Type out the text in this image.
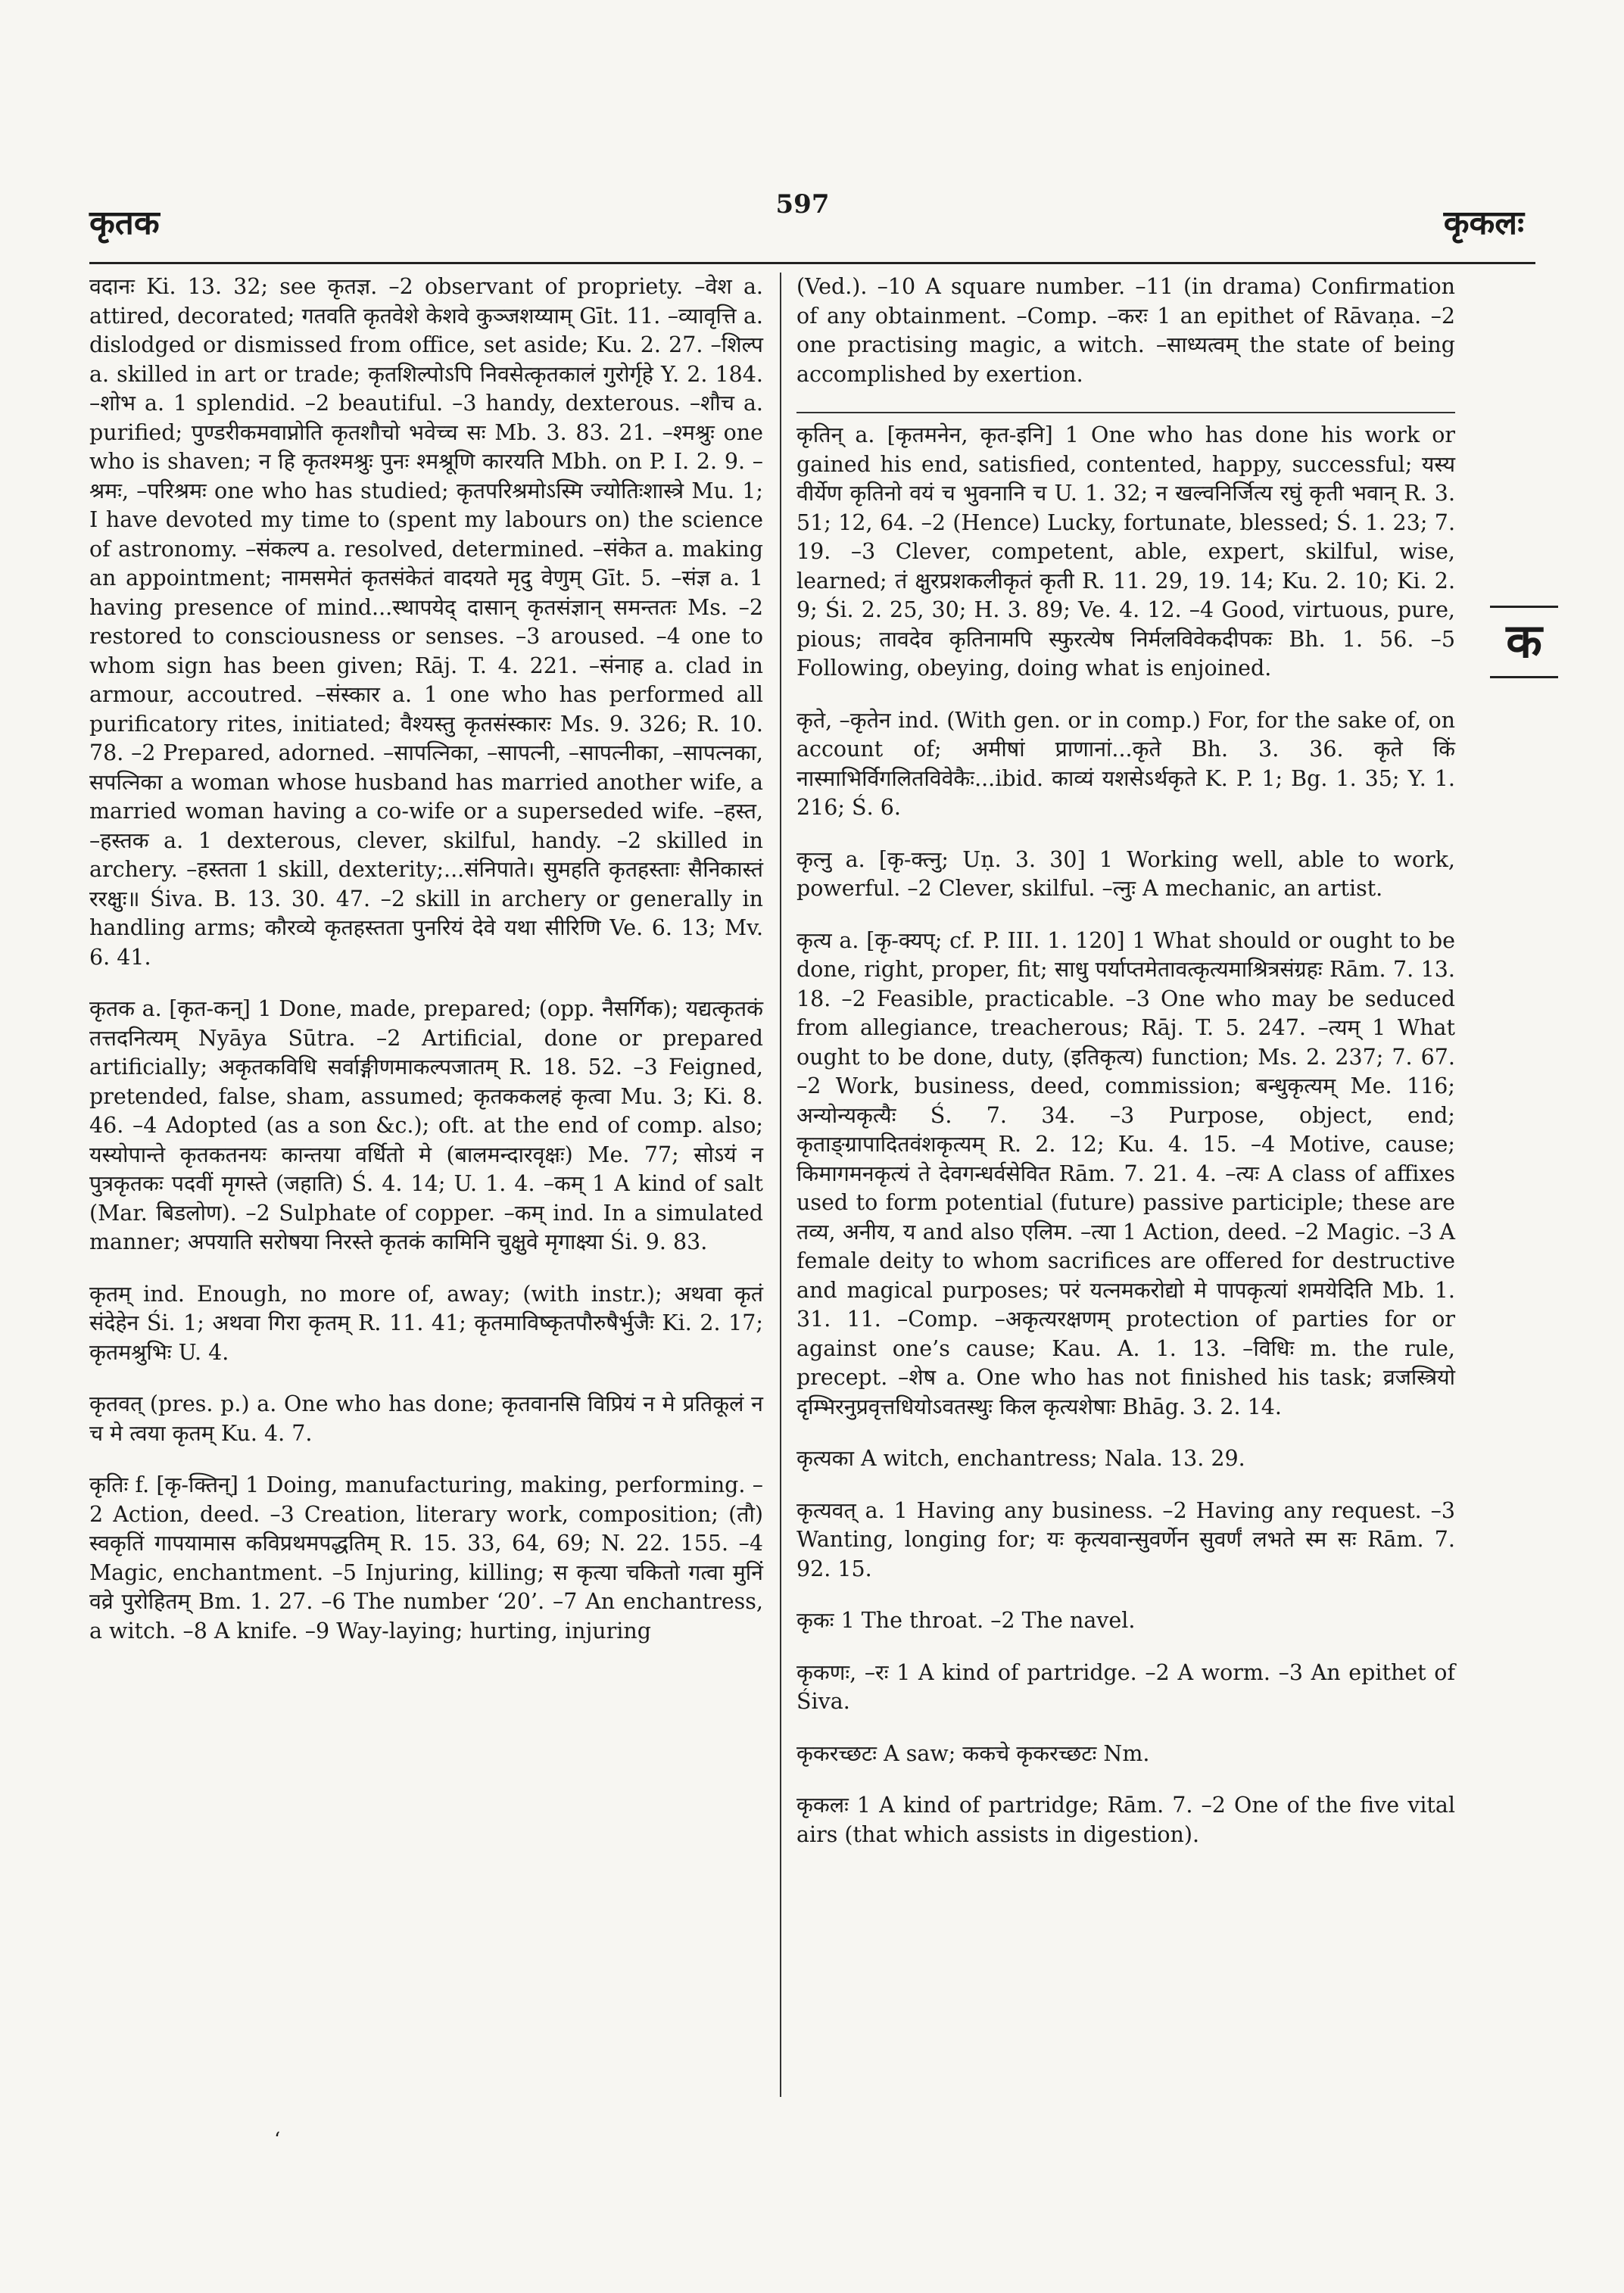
कृतक	597	कृकलः

वदानः Ki. 13. 32; see कृतज्ञ. –2 observant of propriety. –वेश a. attired, decorated; गतवति कृतवेशे केशवे कुञ्जशय्याम् Gīt. 11. –व्यावृत्ति a. dislodged or dismissed from office, set aside; Ku. 2. 27. –शिल्प a. skilled in art or trade; कृतशिल्पोऽपि निवसेत्कृतकालं गुरोर्गृहे Y. 2. 184. –शोभ a. 1 splendid. –2 beautiful. –3 handy, dexterous. –शौच a. purified; पुण्डरीकमवाप्नोति कृतशौचो भवेच्च सः Mb. 3. 83. 21. –श्मश्रुः one who is shaven; न हि कृतश्मश्रुः पुनः श्मश्रूणि कारयति Mbh. on P. I. 2. 9. –श्रमः, –परिश्रमः one who has studied; कृतपरिश्रमोऽस्मि ज्योतिःशास्त्रे Mu. 1; I have devoted my time to (spent my labours on) the science of astronomy. –संकल्प a. resolved, determined. –संकेत a. making an appointment; नामसमेतं कृतसंकेतं वादयते मृदु वेणुम् Gīt. 5. –संज्ञ a. 1 having presence of mind...स्थापयेद् दासान् कृतसंज्ञान् समन्ततः Ms. –2 restored to consciousness or senses. –3 aroused. –4 one to whom sign has been given; Rāj. T. 4. 221. –संनाह a. clad in armour, accoutred. –संस्कार a. 1 one who has performed all purificatory rites, initiated; वैश्यस्तु कृतसंस्कारः Ms. 9. 326; R. 10. 78. –2 Prepared, adorned. –सापत्निका, –सापत्नी, –सापत्नीका, –सापत्नका, सपत्निका a woman whose husband has married another wife, a married woman having a co-wife or a superseded wife. –हस्त, –हस्तक a. 1 dexterous, clever, skilful, handy. –2 skilled in archery. –हस्तता 1 skill, dexterity;...संनिपाते। सुमहति कृतहस्ताः सैनिकास्तं ररक्षुः॥ Śiva. B. 13. 30. 47. –2 skill in archery or generally in handling arms; कौरव्ये कृतहस्तता पुनरियं देवे यथा सीरिणि Ve. 6. 13; Mv. 6. 41.

कृतक a. [कृत-कन्] 1 Done, made, prepared; (opp. नैसर्गिक); यद्यत्कृतकं तत्तदनित्यम् Nyāya Sūtra. –2 Artificial, done or prepared artificially; अकृतकविधि सर्वाङ्गीणमाकल्पजातम् R. 18. 52. –3 Feigned, pretended, false, sham, assumed; कृतककलहं कृत्वा Mu. 3; Ki. 8. 46. –4 Adopted (as a son &c.); oft. at the end of comp. also; यस्योपान्ते कृतकतनयः कान्तया वर्धितो मे (बालमन्दारवृक्षः) Me. 77; सोऽयं न पुत्रकृतकः पदवीं मृगस्ते (जहाति) Ś. 4. 14; U. 1. 4. –कम् 1 A kind of salt (Mar. बिडलोण). –2 Sulphate of copper. –कम् ind. In a simulated manner; अपयाति सरोषया निरस्ते कृतकं कामिनि चुक्षुवे मृगाक्ष्या Śi. 9. 83.

कृतम् ind. Enough, no more of, away; (with instr.); अथवा कृतं संदेहेन Śi. 1; अथवा गिरा कृतम् R. 11. 41; कृतमाविष्कृतपौरुषैर्भुजैः Ki. 2. 17; कृतमश्रुभिः U. 4.

कृतवत् (pres. p.) a. One who has done; कृतवानसि विप्रियं न मे प्रतिकूलं न च मे त्वया कृतम् Ku. 4. 7.

कृतिः f. [कृ-क्तिन्] 1 Doing, manufacturing, making, performing. –2 Action, deed. –3 Creation, literary work, composition; (तौ) स्वकृतिं गापयामास कविप्रथमपद्धतिम् R. 15. 33, 64, 69; N. 22. 155. –4 Magic, enchantment. –5 Injuring, killing; स कृत्या चकितो गत्वा मुनिं वव्रे पुरोहितम् Bm. 1. 27. –6 The number ‘20’. –7 An enchantress, a witch. –8 A knife. –9 Way-laying; hurting, injuring

(Ved.). –10 A square number. –11 (in drama) Confirmation of any obtainment. –Comp. –करः 1 an epithet of Rāvaṇa. –2 one practising magic, a witch. –साध्यत्वम् the state of being accomplished by exertion.

कृतिन् a. [कृतमनेन, कृत-इनि] 1 One who has done his work or gained his end, satisfied, contented, happy, successful; यस्य वीर्येण कृतिनो वयं च भुवनानि च U. 1. 32; न खल्वनिर्जित्य रघुं कृती भवान् R. 3. 51; 12, 64. –2 (Hence) Lucky, fortunate, blessed; Ś. 1. 23; 7. 19. –3 Clever, competent, able, expert, skilful, wise, learned; तं क्षुरप्रशकलीकृतं कृती R. 11. 29, 19. 14; Ku. 2. 10; Ki. 2. 9; Śi. 2. 25, 30; H. 3. 89; Ve. 4. 12. –4 Good, virtuous, pure, pious; तावदेव कृतिनामपि स्फुरत्येष निर्मलविवेकदीपकः Bh. 1. 56. –5 Following, obeying, doing what is enjoined.

कृते, –कृतेन ind. (With gen. or in comp.) For, for the sake of, on account of; अमीषां प्राणानां...कृते Bh. 3. 36. कृते किं नास्माभिर्विगलितविवेकैः...ibid. काव्यं यशसेऽर्थकृते K. P. 1; Bg. 1. 35; Y. 1. 216; Ś. 6.

कृत्नु a. [कृ-क्त्नु; Uṇ. 3. 30] 1 Working well, able to work, powerful. –2 Clever, skilful. –त्नुः A mechanic, an artist.

कृत्य a. [कृ-क्यप्; cf. P. III. 1. 120] 1 What should or ought to be done, right, proper, fit; साधु पर्याप्तमेतावत्कृत्यमाश्रित्रसंग्रहः Rām. 7. 13. 18. –2 Feasible, practicable. –3 One who may be seduced from allegiance, treacherous; Rāj. T. 5. 247. –त्यम् 1 What ought to be done, duty, (इतिकृत्य) function; Ms. 2. 237; 7. 67. –2 Work, business, deed, commission; बन्धुकृत्यम् Me. 116; अन्योन्यकृत्यैः Ś. 7. 34. –3 Purpose, object, end; कृताङ्ग्रापादितवंशकृत्यम् R. 2. 12; Ku. 4. 15. –4 Motive, cause; किमागमनकृत्यं ते देवगन्धर्वसेवित Rām. 7. 21. 4. –त्यः A class of affixes used to form potential (future) passive participle; these are तव्य, अनीय, य and also एलिम. –त्या 1 Action, deed. –2 Magic. –3 A female deity to whom sacrifices are offered for destructive and magical purposes; परं यत्नमकरोद्यो मे पापकृत्यां शमयेदिति Mb. 1. 31. 11. –Comp. –अकृत्यरक्षणम् protection of parties for or against one’s cause; Kau. A. 1. 13. –विधिः m. the rule, precept. –शेष a. One who has not finished his task; व्रजस्त्रियो दृम्भिरनुप्रवृत्तधियोऽवतस्थुः किल कृत्यशेषाः Bhāg. 3. 2. 14.

कृत्यका A witch, enchantress; Nala. 13. 29.

कृत्यवत् a. 1 Having any business. –2 Having any request. –3 Wanting, longing for; यः कृत्यवान्सुवर्णेन सुवर्णं लभते स्म सः Rām. 7. 92. 15.

कृकः 1 The throat. –2 The navel.

कृकणः, –रः 1 A kind of partridge. –2 A worm. –3 An epithet of Śiva.

कृकरच्छटः A saw; ककचे कृकरच्छटः Nm.

कृकलः 1 A kind of partridge; Rām. 7. –2 One of the five vital airs (that which assists in digestion).

क
‘
